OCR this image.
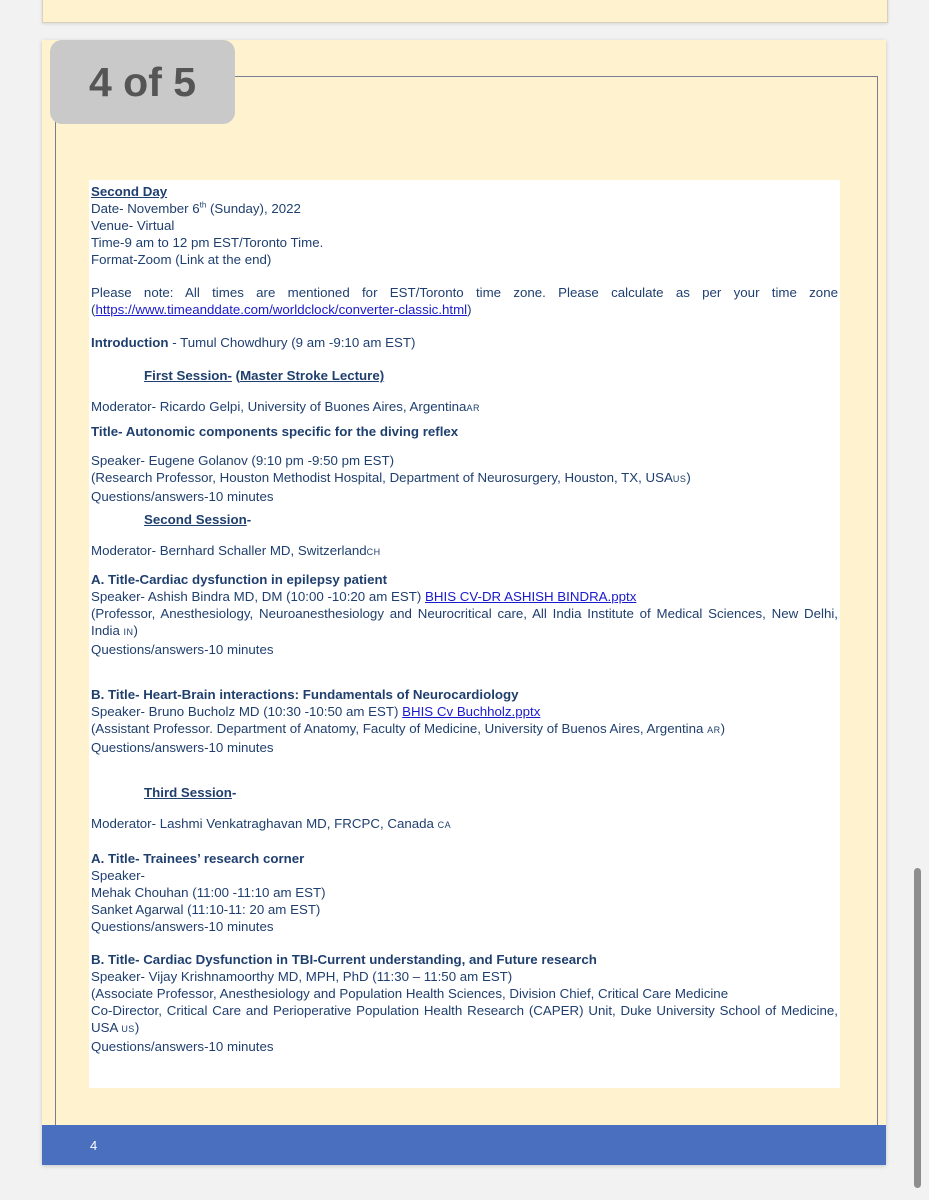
Second Day

Date- November 6th (Sunday), 2022

Venue- Virtual

Time-9 am to 12 pm EST/Toronto Time.

Format-Zoom (Link at the end)

Please note: All times are mentioned for EST/Toronto time zone. Please calculate as per your time zone (https://www.timeanddate.com/worldclock/converter-classic.html)

Introduction - Tumul Chowdhury (9 am -9:10 am EST)

First Session- (Master Stroke Lecture)

Moderator- Ricardo Gelpi, University of Buones Aires, ArgentinaAR

Title- Autonomic components specific for the diving reflex

Speaker- Eugene Golanov (9:10 pm -9:50 pm EST)

(Research Professor, Houston Methodist Hospital, Department of Neurosurgery, Houston, TX, USAUS)

Questions/answers-10 minutes

Second Session-

Moderator- Bernhard Schaller MD, SwitzerlandCH

A. Title-Cardiac dysfunction in epilepsy patient

Speaker- Ashish Bindra MD, DM (10:00 -10:20 am EST) BHIS CV-DR ASHISH BINDRA.pptx

(Professor, Anesthesiology, Neuroanesthesiology and Neurocritical care, All India Institute of Medical Sciences, New Delhi, India IN)

Questions/answers-10 minutes

B. Title- Heart-Brain interactions: Fundamentals of Neurocardiology

Speaker- Bruno Bucholz MD (10:30 -10:50 am EST) BHIS Cv Buchholz.pptx

(Assistant Professor. Department of Anatomy, Faculty of Medicine, University of Buenos Aires, Argentina AR)

Questions/answers-10 minutes

Third Session-

Moderator- Lashmi Venkatraghavan MD, FRCPC, Canada CA

A. Title- Trainees’ research corner

Speaker-

Mehak Chouhan (11:00 -11:10 am EST)

Sanket Agarwal (11:10-11: 20 am EST)

Questions/answers-10 minutes

B. Title- Cardiac Dysfunction in TBI-Current understanding, and Future research

Speaker- Vijay Krishnamoorthy MD, MPH, PhD (11:30 – 11:50 am EST)

(Associate Professor, Anesthesiology and Population Health Sciences, Division Chief, Critical Care Medicine

Co-Director, Critical Care and Perioperative Population Health Research (CAPER) Unit, Duke University School of Medicine, USA US)

Questions/answers-10 minutes

4
4 of 5
